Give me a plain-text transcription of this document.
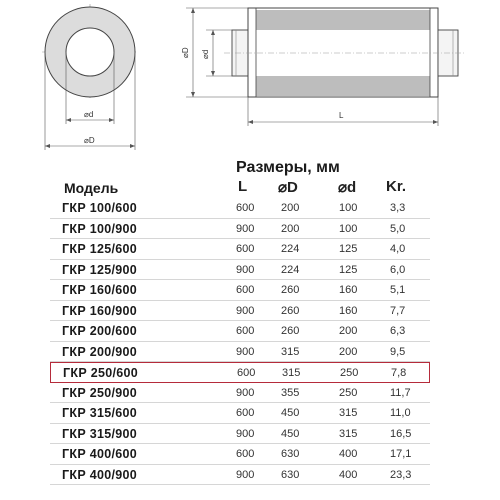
⌀d
⌀D
⌀D ⌀d
L
Размеры, мм
Модель	L ⌀D	⌀d Kr.
ГКР 100/600	600 200	100	3,3
ГКР 100/900	900 200	100	5,0
ГКР 125/600	600 224	125	4,0
ГКР 125/900	900 224	125	6,0
ГКР 160/600	600 260	160	5,1
ГКР 160/900	900 260	160	7,7
ГКР 200/600	600 260	200	6,3
ГКР 200/900	900 315	200	9,5
ГКР 250/600	600 315	250	7,8
ГКР 250/900	900 355	250	11,7
ГКР 315/600	600 450	315	11,0
ГКР 315/900	900 450	315	16,5
ГКР 400/600	600 630	400	17,1
ГКР 400/900	900 630	400	23,3
